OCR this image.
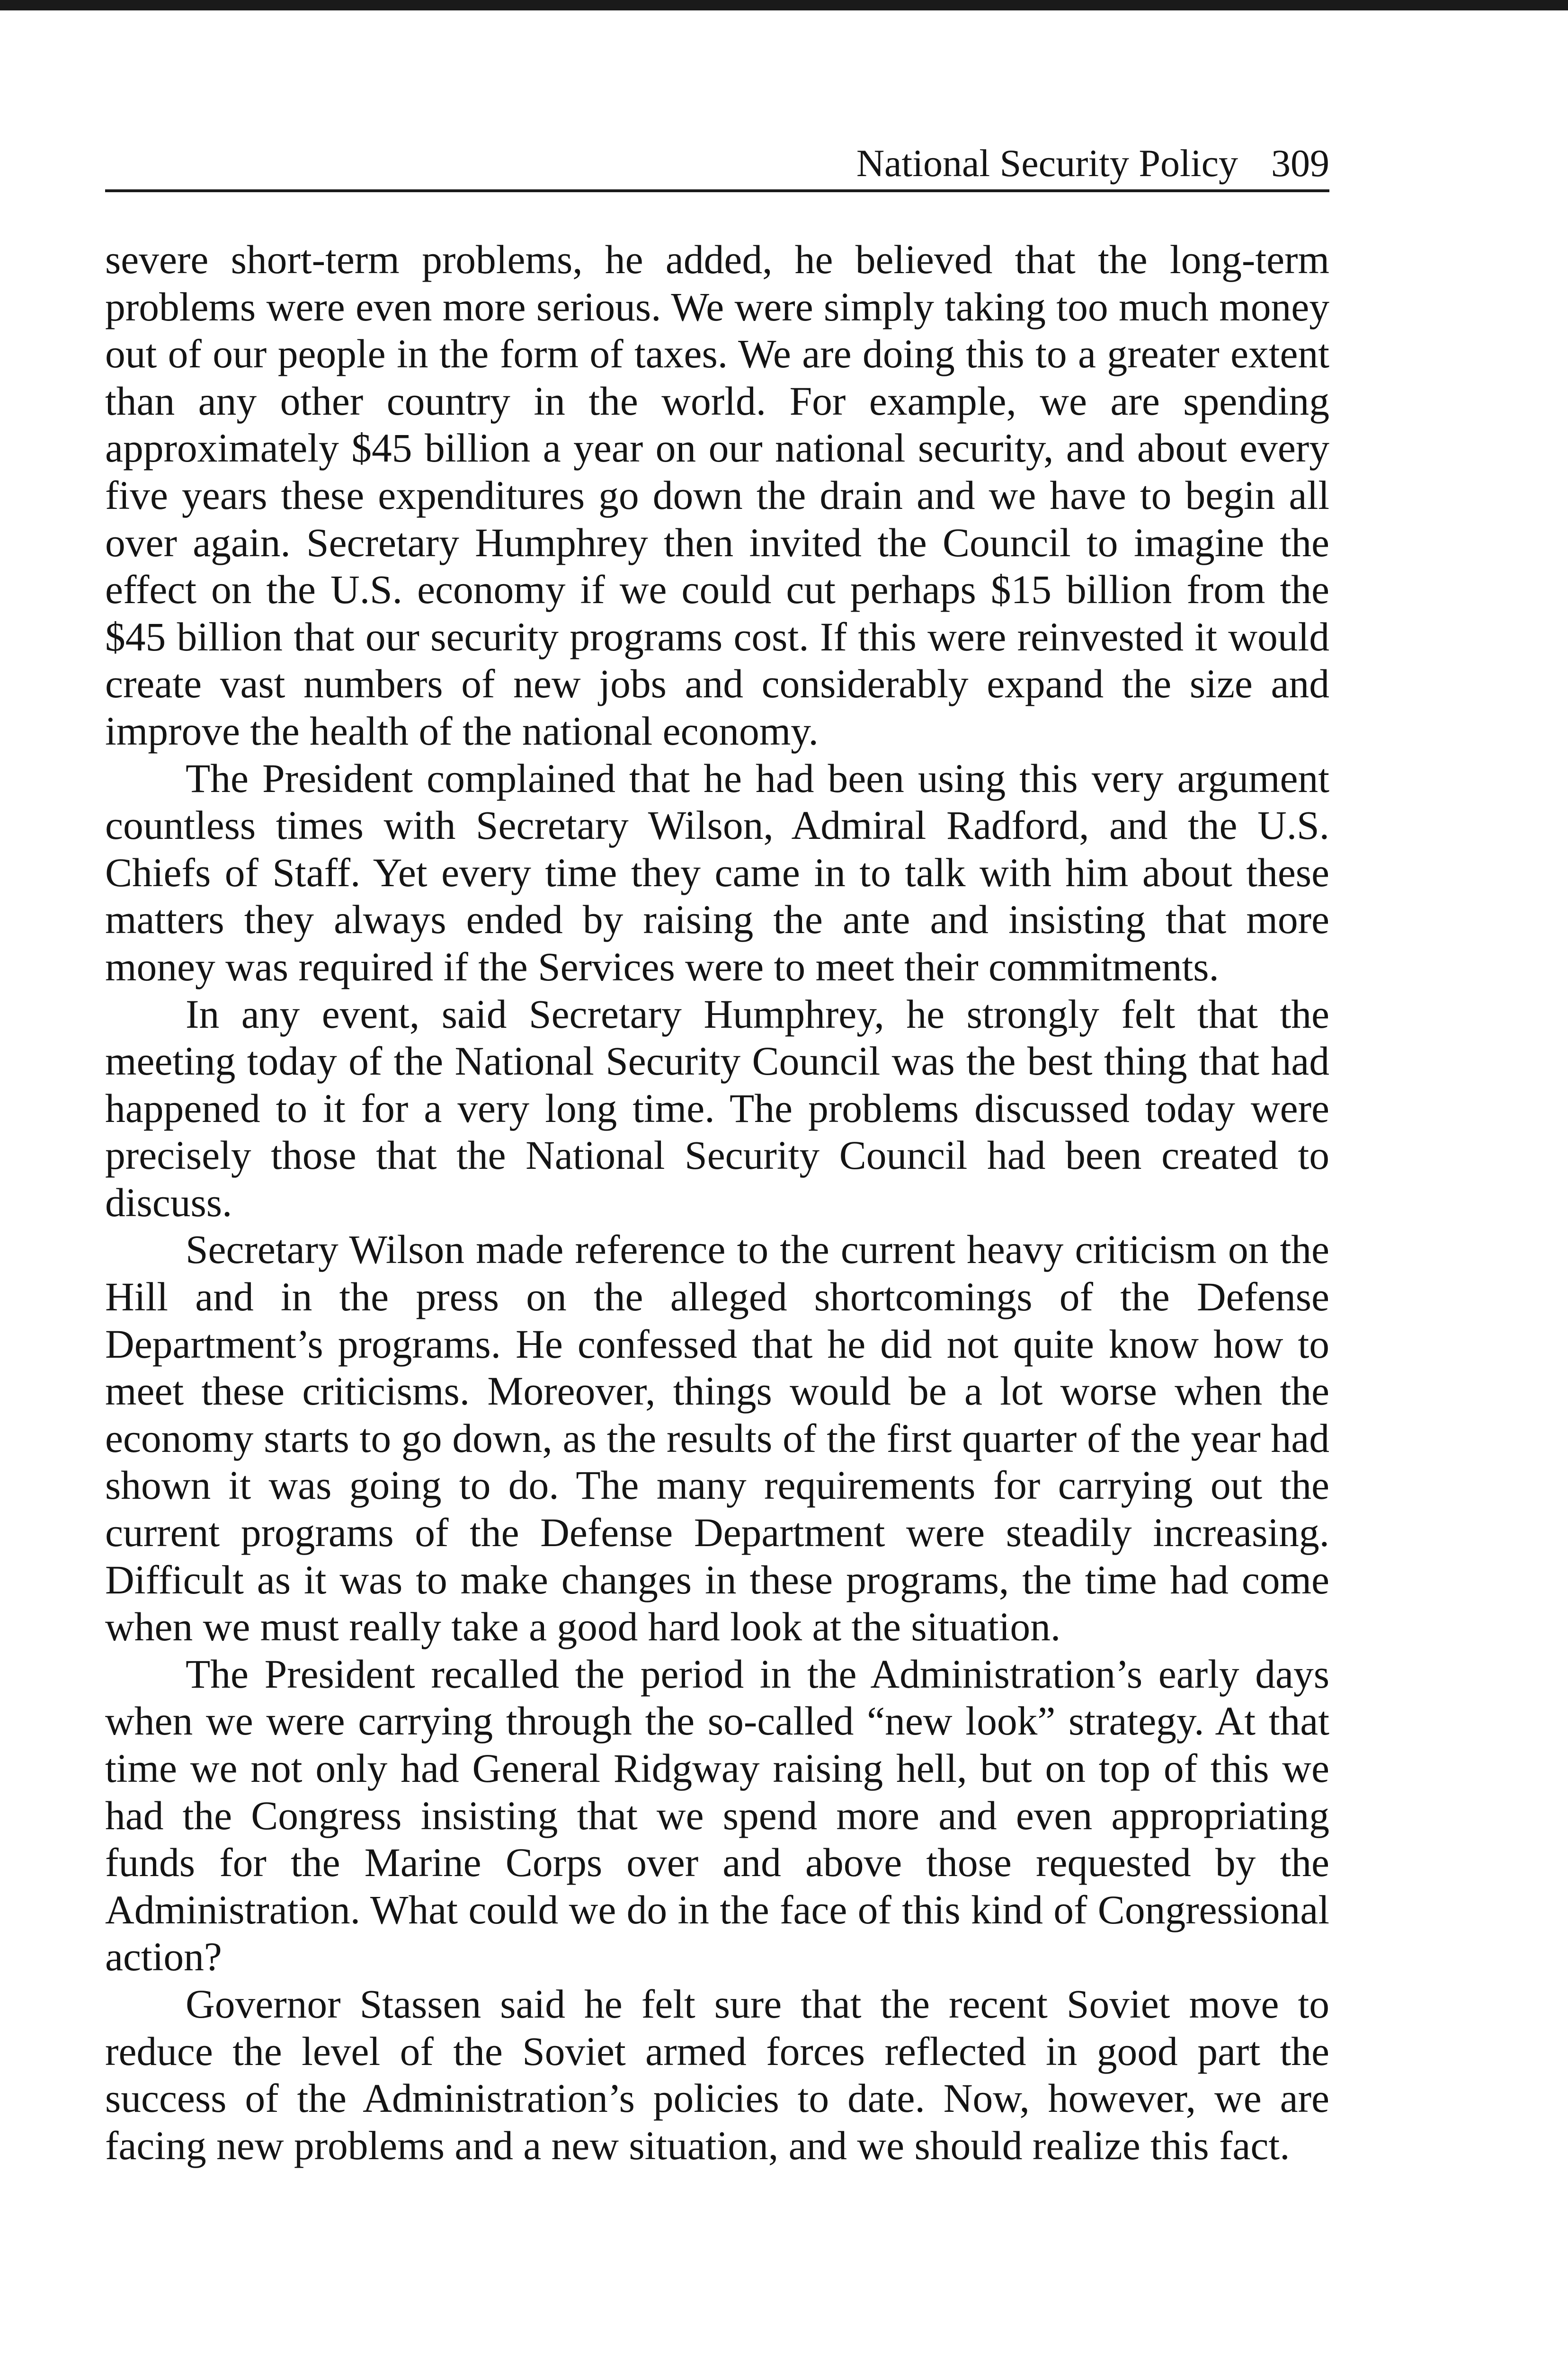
National Security Policy 309

severe short-term problems, he added, he believed that the long-term problems were even more serious. We were simply taking too much money out of our people in the form of taxes. We are doing this to a greater extent than any other country in the world. For example, we are spending approximately $45 billion a year on our national security, and about every five years these expenditures go down the drain and we have to begin all over again. Secretary Humphrey then invited the Council to imagine the effect on the U.S. economy if we could cut perhaps $15 billion from the $45 billion that our security programs cost. If this were reinvested it would create vast numbers of new jobs and considerably expand the size and improve the health of the national economy.

The President complained that he had been using this very argument countless times with Secretary Wilson, Admiral Radford, and the U.S. Chiefs of Staff. Yet every time they came in to talk with him about these matters they always ended by raising the ante and insisting that more money was required if the Services were to meet their commitments.

In any event, said Secretary Humphrey, he strongly felt that the meeting today of the National Security Council was the best thing that had happened to it for a very long time. The problems discussed today were precisely those that the National Security Council had been created to discuss.

Secretary Wilson made reference to the current heavy criticism on the Hill and in the press on the alleged shortcomings of the Defense Department’s programs. He confessed that he did not quite know how to meet these criticisms. Moreover, things would be a lot worse when the economy starts to go down, as the results of the first quarter of the year had shown it was going to do. The many requirements for carrying out the current programs of the Defense Department were steadily increasing. Difficult as it was to make changes in these programs, the time had come when we must really take a good hard look at the situation.

The President recalled the period in the Administration’s early days when we were carrying through the so-called “new look” strategy. At that time we not only had General Ridgway raising hell, but on top of this we had the Congress insisting that we spend more and even appropriating funds for the Marine Corps over and above those requested by the Administration. What could we do in the face of this kind of Congressional action?

Governor Stassen said he felt sure that the recent Soviet move to reduce the level of the Soviet armed forces reflected in good part the success of the Administration’s policies to date. Now, however, we are facing new problems and a new situation, and we should realize this fact.
